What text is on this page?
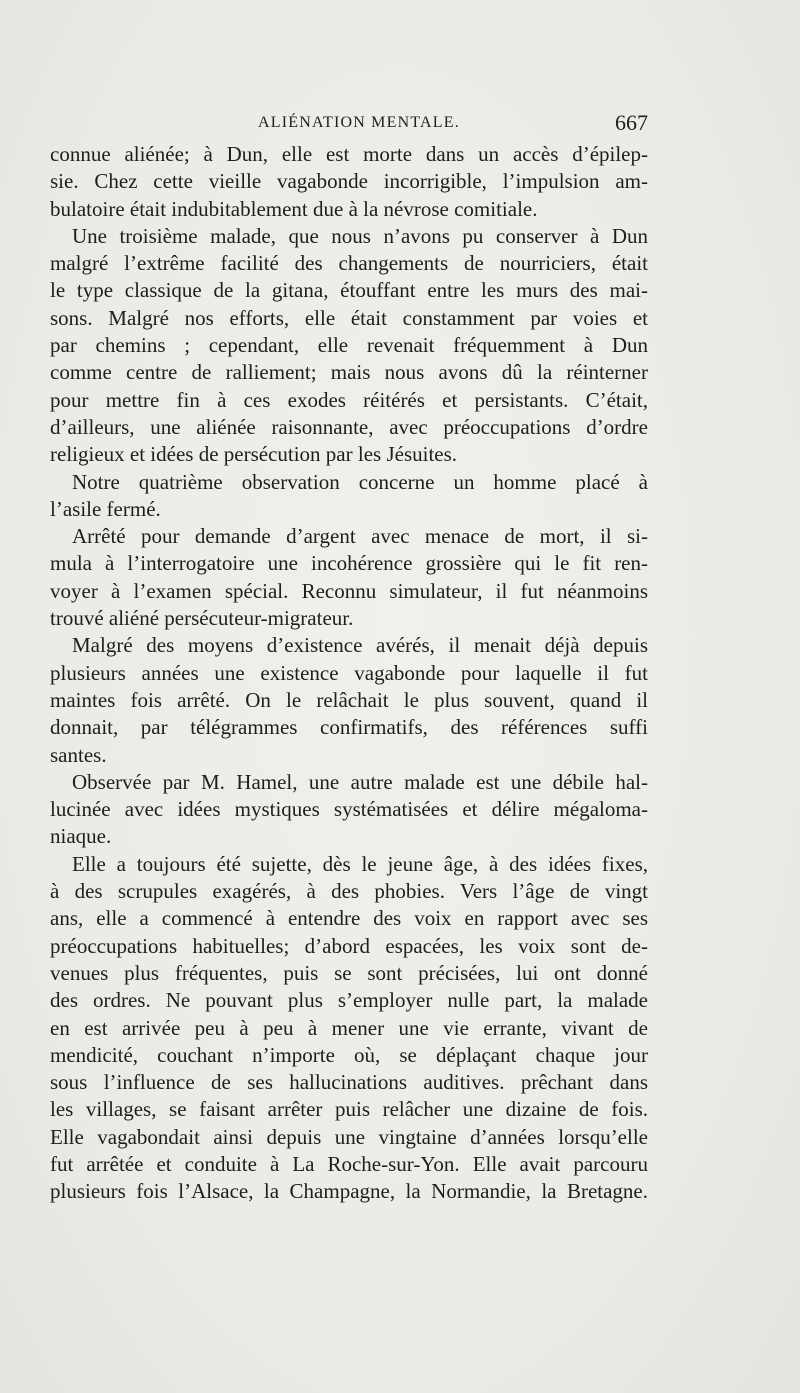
ALIÉNATION MENTALE.	667
connue aliénée; à Dun, elle est morte dans un accès d’épilep-
sie. Chez cette vieille vagabonde incorrigible, l’impulsion am-
bulatoire était indubitablement due à la névrose comitiale.
Une troisième malade, que nous n’avons pu conserver à Dun
malgré l’extrême facilité des changements de nourriciers, était
le type classique de la gitana, étouffant entre les murs des mai-
sons. Malgré nos efforts, elle était constamment par voies et
par chemins ; cependant, elle revenait fréquemment à Dun
comme centre de ralliement; mais nous avons dû la réinterner
pour mettre fin à ces exodes réitérés et persistants. C’était,
d’ailleurs, une aliénée raisonnante, avec préoccupations d’ordre
religieux et idées de persécution par les Jésuites.
Notre quatrième observation concerne un homme placé à
l’asile fermé.
Arrêté pour demande d’argent avec menace de mort, il si-
mula à l’interrogatoire une incohérence grossière qui le fit ren-
voyer à l’examen spécial. Reconnu simulateur, il fut néanmoins
trouvé aliéné persécuteur-migrateur.
Malgré des moyens d’existence avérés, il menait déjà depuis
plusieurs années une existence vagabonde pour laquelle il fut
maintes fois arrêté. On le relâchait le plus souvent, quand il
donnait, par télégrammes confirmatifs, des références suffi
santes.
Observée par M. Hamel, une autre malade est une débile hal-
lucinée avec idées mystiques systématisées et délire mégaloma-
niaque.
Elle a toujours été sujette, dès le jeune âge, à des idées fixes,
à des scrupules exagérés, à des phobies. Vers l’âge de vingt
ans, elle a commencé à entendre des voix en rapport avec ses
préoccupations habituelles; d’abord espacées, les voix sont de-
venues plus fréquentes, puis se sont précisées, lui ont donné
des ordres. Ne pouvant plus s’employer nulle part, la malade
en est arrivée peu à peu à mener une vie errante, vivant de
mendicité, couchant n’importe où, se déplaçant chaque jour
sous l’influence de ses hallucinations auditives. prêchant dans
les villages, se faisant arrêter puis relâcher une dizaine de fois.
Elle vagabondait ainsi depuis une vingtaine d’années lorsqu’elle
fut arrêtée et conduite à La Roche-sur-Yon. Elle avait parcouru
plusieurs fois l’Alsace, la Champagne, la Normandie, la Bretagne.
